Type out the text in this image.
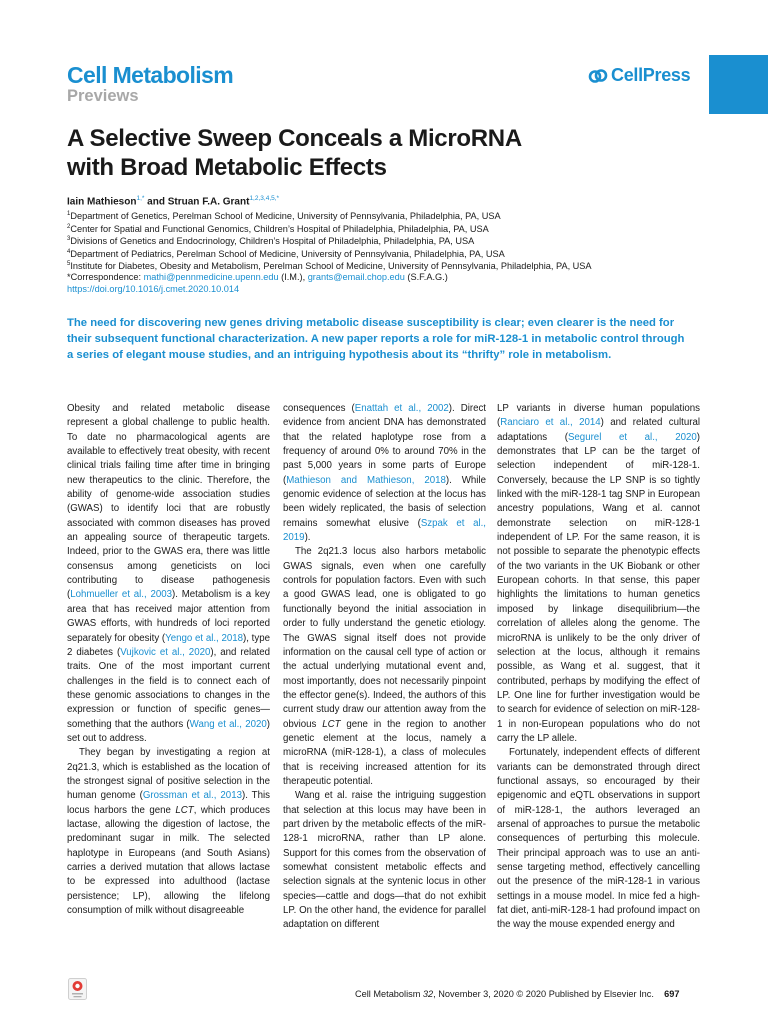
Cell Metabolism
Previews
CellPress
A Selective Sweep Conceals a MicroRNA
with Broad Metabolic Effects
Iain Mathieson$^{1,*}$ and Struan F.A. Grant$^{1,2,3,4,5,*}$
$^1$Department of Genetics, Perelman School of Medicine, University of Pennsylvania, Philadelphia, PA, USA
$^2$Center for Spatial and Functional Genomics, Children’s Hospital of Philadelphia, Philadelphia, PA, USA
$^3$Divisions of Genetics and Endocrinology, Children’s Hospital of Philadelphia, Philadelphia, PA, USA
$^4$Department of Pediatrics, Perelman School of Medicine, University of Pennsylvania, Philadelphia, PA, USA
$^5$Institute for Diabetes, Obesity and Metabolism, Perelman School of Medicine, University of Pennsylvania, Philadelphia, PA, USA
*Correspondence: mathi@pennmedicine.upenn.edu (I.M.), grants@email.chop.edu (S.F.A.G.)
https://doi.org/10.1016/j.cmet.2020.10.014
The need for discovering new genes driving metabolic disease susceptibility is clear; even clearer is the need for their subsequent functional characterization. A new paper reports a role for miR-128-1 in metabolic control through a series of elegant mouse studies, and an intriguing hypothesis about its “thrifty” role in metabolism.

Obesity and related metabolic disease represent a global challenge to public health. To date no pharmacological agents are available to effectively treat obesity, with recent clinical trials failing time after time in bringing new therapeutics to the clinic. Therefore, the ability of genome-wide association studies (GWAS) to identify loci that are robustly associated with common diseases has proved an appealing source of therapeutic targets. Indeed, prior to the GWAS era, there was little consensus among geneticists on loci contributing to disease pathogenesis (Lohmueller et al., 2003). Metabolism is a key area that has received major attention from GWAS efforts, with hundreds of loci reported separately for obesity (Yengo et al., 2018), type 2 diabetes (Vujkovic et al., 2020), and related traits. One of the most important current challenges in the field is to connect each of these genomic associations to changes in the expression or function of specific genes—something that the authors (Wang et al., 2020) set out to address.

They began by investigating a region at 2q21.3, which is established as the location of the strongest signal of positive selection in the human genome (Grossman et al., 2013). This locus harbors the gene LCT, which produces lactase, allowing the digestion of lactose, the predominant sugar in milk. The selected haplotype in Europeans (and South Asians) carries a derived mutation that allows lactase to be expressed into adulthood (lactase persistence; LP), allowing the lifelong consumption of milk without disagreeable

consequences (Enattah et al., 2002). Direct evidence from ancient DNA has demonstrated that the related haplotype rose from a frequency of around 0% to around 70% in the past 5,000 years in some parts of Europe (Mathieson and Mathieson, 2018). While genomic evidence of selection at the locus has been widely replicated, the basis of selection remains somewhat elusive (Szpak et al., 2019).

The 2q21.3 locus also harbors metabolic GWAS signals, even when one carefully controls for population factors. Even with such a good GWAS lead, one is obligated to go functionally beyond the initial association in order to fully understand the genetic etiology. The GWAS signal itself does not provide information on the causal cell type of action or the actual underlying mutational event and, most importantly, does not necessarily pinpoint the effector gene(s). Indeed, the authors of this current study draw our attention away from the obvious LCT gene in the region to another genetic element at the locus, namely a microRNA (miR-128-1), a class of molecules that is receiving increased attention for its therapeutic potential.

Wang et al. raise the intriguing suggestion that selection at this locus may have been in part driven by the metabolic effects of the miR-128-1 microRNA, rather than LP alone. Support for this comes from the observation of somewhat consistent metabolic effects and selection signals at the syntenic locus in other species—cattle and dogs—that do not exhibit LP. On the other hand, the evidence for parallel adaptation on different

LP variants in diverse human populations (Ranciaro et al., 2014) and related cultural adaptations (Segurel et al., 2020) demonstrates that LP can be the target of selection independent of miR-128-1. Conversely, because the LP SNP is so tightly linked with the miR-128-1 tag SNP in European ancestry populations, Wang et al. cannot demonstrate selection on miR-128-1 independent of LP. For the same reason, it is not possible to separate the phenotypic effects of the two variants in the UK Biobank or other European cohorts. In that sense, this paper highlights the limitations to human genetics imposed by linkage disequilibrium—the correlation of alleles along the genome. The microRNA is unlikely to be the only driver of selection at the locus, although it remains possible, as Wang et al. suggest, that it contributed, perhaps by modifying the effect of LP. One line for further investigation would be to search for evidence of selection on miR-128-1 in non-European populations who do not carry the LP allele.

Fortunately, independent effects of different variants can be demonstrated through direct functional assays, so encouraged by their epigenomic and eQTL observations in support of miR-128-1, the authors leveraged an arsenal of approaches to pursue the metabolic consequences of perturbing this molecule. Their principal approach was to use an anti-sense targeting method, effectively cancelling out the presence of the miR-128-1 in various settings in a mouse model. In mice fed a high-fat diet, anti-miR-128-1 had profound impact on the way the mouse expended energy and

Cell Metabolism 32, November 3, 2020 © 2020 Published by Elsevier Inc. 697
